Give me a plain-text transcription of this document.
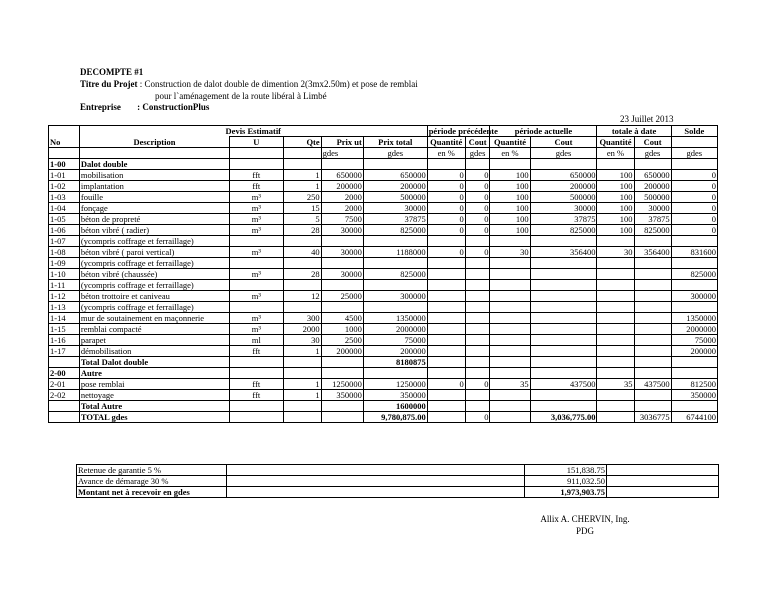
DECOMPTE #1
Titre du Projet : Construction de dalot double de dimention 2(3mx2.50m) et pose de remblai
pour l`aménagement de la route libéral à Limbé
Entreprise : ConstructionPlus
23 Juillet 2013
	Devis Estimatif					période précédente		période actuelle		totale à date		Solde
No	Description	U	Qte	Prix ut	Prix total	Quantité	Cout	Quantité	Cout	Quantité	Cout	
				gdes	gdes	en %	gdes	en %	gdes	en %	gdes	gdes
1-00	Dalot double											
1-01	mobilisation	fft	1	650000	650000	0	0	100	650000	100	650000	0
1-02	implantation	fft	1	200000	200000	0	0	100	200000	100	200000	0
1-03	fouille	m³	250	2000	500000	0	0	100	500000	100	500000	0
1-04	fonçage	m³	15	2000	30000	0	0	100	30000	100	30000	0
1-05	béton de propreté	m³	5	7500	37875	0	0	100	37875	100	37875	0
1-06	béton vibré ( radier)	m³	28	30000	825000	0	0	100	825000	100	825000	0
1-07	(ycompris coffrage et ferraillage)											
1-08	béton vibré ( paroi vertical)	m³	40	30000	1188000	0	0	30	356400	30	356400	831600
1-09	(ycompris coffrage et ferraillage)											
1-10	béton vibré (chaussée)	m³	28	30000	825000							825000
1-11	(ycompris coffrage et ferraillage)											
1-12	béton trottoire et caniveau	m³	12	25000	300000							300000
1-13	(ycompris coffrage et ferraillage)											
1-14	mur de soutainement en maçonnerie	m³	300	4500	1350000							1350000
1-15	remblai compacté	m³	2000	1000	2000000							2000000
1-16	parapet	ml	30	2500	75000							75000
1-17	démobilisation	fft	1	200000	200000							200000
	Total Dalot double				8180875							
2-00	Autre											
2-01	pose remblai	fft	1	1250000	1250000	0	0	35	437500	35	437500	812500
2-02	nettoyage	fft	1	350000	350000							350000
	Total Autre				1600000							
	TOTAL gdes				9,780,875.00		0		3,036,775.00		3036775	6744100
Retenue de garantie 5 %		151,838.75	
Avance de démarage 30 %		911,032.50	
Montant net à recevoir en gdes		1,973,903.75	
Allix A. CHERVIN, Ing.
PDG
